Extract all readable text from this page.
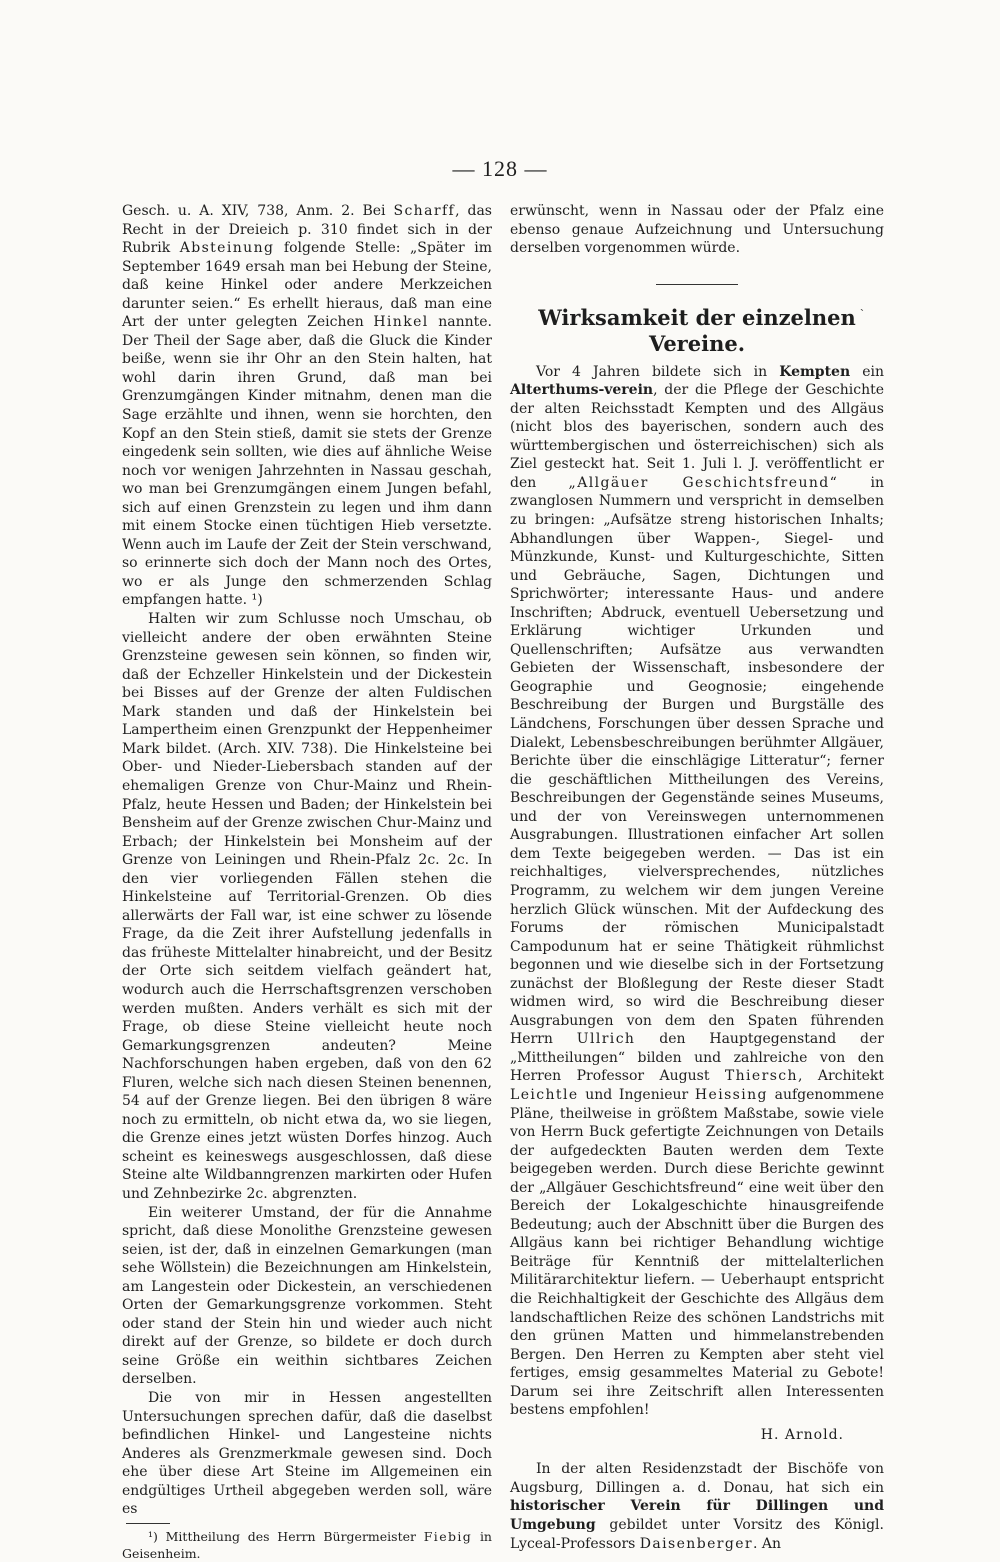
— 128 —

Gesch. u. A. XIV, 738, Anm. 2. Bei Scharff, das Recht in der Dreieich p. 310 findet sich in der Rubrik Absteinung folgende Stelle: „Später im September 1649 ersah man bei Hebung der Steine, daß keine Hinkel oder andere Merkzeichen darunter seien.“ Es erhellt hieraus, daß man eine Art der unter gelegten Zeichen Hinkel nannte. Der Theil der Sage aber, daß die Gluck die Kinder beiße, wenn sie ihr Ohr an den Stein halten, hat wohl darin ihren Grund, daß man bei Grenzumgängen Kinder mitnahm, denen man die Sage erzählte und ihnen, wenn sie horchten, den Kopf an den Stein stieß, damit sie stets der Grenze eingedenk sein sollten, wie dies auf ähnliche Weise noch vor wenigen Jahrzehnten in Nassau geschah, wo man bei Grenzumgängen einem Jungen befahl, sich auf einen Grenzstein zu legen und ihm dann mit einem Stocke einen tüchtigen Hieb versetzte. Wenn auch im Laufe der Zeit der Stein verschwand, so erinnerte sich doch der Mann noch des Ortes, wo er als Junge den schmerzenden Schlag empfangen hatte. ¹)

Halten wir zum Schlusse noch Umschau, ob vielleicht andere der oben erwähnten Steine Grenzsteine gewesen sein können, so finden wir, daß der Echzeller Hinkelstein und der Dickestein bei Bisses auf der Grenze der alten Fuldischen Mark standen und daß der Hinkelstein bei Lampertheim einen Grenzpunkt der Heppenheimer Mark bildet. (Arch. XIV. 738). Die Hinkelsteine bei Ober- und Nieder-Liebersbach standen auf der ehemaligen Grenze von Chur-Mainz und Rhein-Pfalz, heute Hessen und Baden; der Hinkelstein bei Bensheim auf der Grenze zwischen Chur-Mainz und Erbach; der Hinkelstein bei Monsheim auf der Grenze von Leiningen und Rhein-Pfalz 2c. 2c. In den vier vorliegenden Fällen stehen die Hinkelsteine auf Territorial-Grenzen. Ob dies allerwärts der Fall war, ist eine schwer zu lösende Frage, da die Zeit ihrer Aufstellung jedenfalls in das früheste Mittelalter hinabreicht, und der Besitz der Orte sich seitdem vielfach geändert hat, wodurch auch die Herrschaftsgrenzen verschoben werden mußten. Anders verhält es sich mit der Frage, ob diese Steine vielleicht heute noch Gemarkungsgrenzen andeuten? Meine Nachforschungen haben ergeben, daß von den 62 Fluren, welche sich nach diesen Steinen benennen, 54 auf der Grenze liegen. Bei den übrigen 8 wäre noch zu ermitteln, ob nicht etwa da, wo sie liegen, die Grenze eines jetzt wüsten Dorfes hinzog. Auch scheint es keineswegs ausgeschlossen, daß diese Steine alte Wildbanngrenzen markirten oder Hufen und Zehnbezirke 2c. abgrenzten.

Ein weiterer Umstand, der für die Annahme spricht, daß diese Monolithe Grenzsteine gewesen seien, ist der, daß in einzelnen Gemarkungen (man sehe Wöllstein) die Bezeichnungen am Hinkelstein, am Langestein oder Dickestein, an verschiedenen Orten der Gemarkungsgrenze vorkommen. Steht oder stand der Stein hin und wieder auch nicht direkt auf der Grenze, so bildete er doch durch seine Größe ein weithin sichtbares Zeichen derselben.

Die von mir in Hessen angestellten Untersuchungen sprechen dafür, daß die daselbst befindlichen Hinkel- und Langesteine nichts Anderes als Grenzmerkmale gewesen sind. Doch ehe über diese Art Steine im Allgemeinen ein endgültiges Urtheil abgegeben werden soll, wäre es

¹) Mittheilung des Herrn Bürgermeister Fiebig in Geisenheim.

erwünscht, wenn in Nassau oder der Pfalz eine ebenso genaue Aufzeichnung und Untersuchung derselben vorgenommen würde.

˴
Wirksamkeit der einzelnen Vereine.

Vor 4 Jahren bildete sich in Kempten ein Alterthums-verein, der die Pflege der Geschichte der alten Reichsstadt Kempten und des Allgäus (nicht blos des bayerischen, sondern auch des württembergischen und österreichischen) sich als Ziel gesteckt hat. Seit 1. Juli l. J. veröffentlicht er den „Allgäuer Geschichtsfreund“ in zwanglosen Nummern und verspricht in demselben zu bringen: „Aufsätze streng historischen Inhalts; Abhandlungen über Wappen-, Siegel- und Münzkunde, Kunst- und Kulturgeschichte, Sitten und Gebräuche, Sagen, Dichtungen und Sprichwörter; interessante Haus- und andere Inschriften; Abdruck, eventuell Uebersetzung und Erklärung wichtiger Urkunden und Quellenschriften; Aufsätze aus verwandten Gebieten der Wissenschaft, insbesondere der Geographie und Geognosie; eingehende Beschreibung der Burgen und Burgställe des Ländchens, Forschungen über dessen Sprache und Dialekt, Lebensbeschreibungen berühmter Allgäuer, Berichte über die einschlägige Litteratur“; ferner die geschäftlichen Mittheilungen des Vereins, Beschreibungen der Gegenstände seines Museums, und der von Vereinswegen unternommenen Ausgrabungen. Illustrationen einfacher Art sollen dem Texte beigegeben werden. — Das ist ein reichhaltiges, vielversprechendes, nützliches Programm, zu welchem wir dem jungen Vereine herzlich Glück wünschen. Mit der Aufdeckung des Forums der römischen Municipalstadt Campodunum hat er seine Thätigkeit rühmlichst begonnen und wie dieselbe sich in der Fortsetzung zunächst der Bloßlegung der Reste dieser Stadt widmen wird, so wird die Beschreibung dieser Ausgrabungen von dem den Spaten führenden Herrn Ullrich den Hauptgegenstand der „Mittheilungen“ bilden und zahlreiche von den Herren Professor August Thiersch, Architekt Leichtle und Ingenieur Heissing aufgenommene Pläne, theilweise in größtem Maßstabe, sowie viele von Herrn Buck gefertigte Zeichnungen von Details der aufgedeckten Bauten werden dem Texte beigegeben werden. Durch diese Berichte gewinnt der „Allgäuer Geschichtsfreund“ eine weit über den Bereich der Lokalgeschichte hinausgreifende Bedeutung; auch der Abschnitt über die Burgen des Allgäus kann bei richtiger Behandlung wichtige Beiträge für Kenntniß der mittelalterlichen Militärarchitektur liefern. — Ueberhaupt entspricht die Reichhaltigkeit der Geschichte des Allgäus dem landschaftlichen Reize des schönen Landstrichs mit den grünen Matten und himmelanstrebenden Bergen. Den Herren zu Kempten aber steht viel fertiges, emsig gesammeltes Material zu Gebote! Darum sei ihre Zeitschrift allen Interessenten bestens empfohlen!

H. Arnold.

In der alten Residenzstadt der Bischöfe von Augsburg, Dillingen a. d. Donau, hat sich ein historischer Verein für Dillingen und Umgebung gebildet unter Vorsitz des Königl. Lyceal-Professors Daisenberger. An
